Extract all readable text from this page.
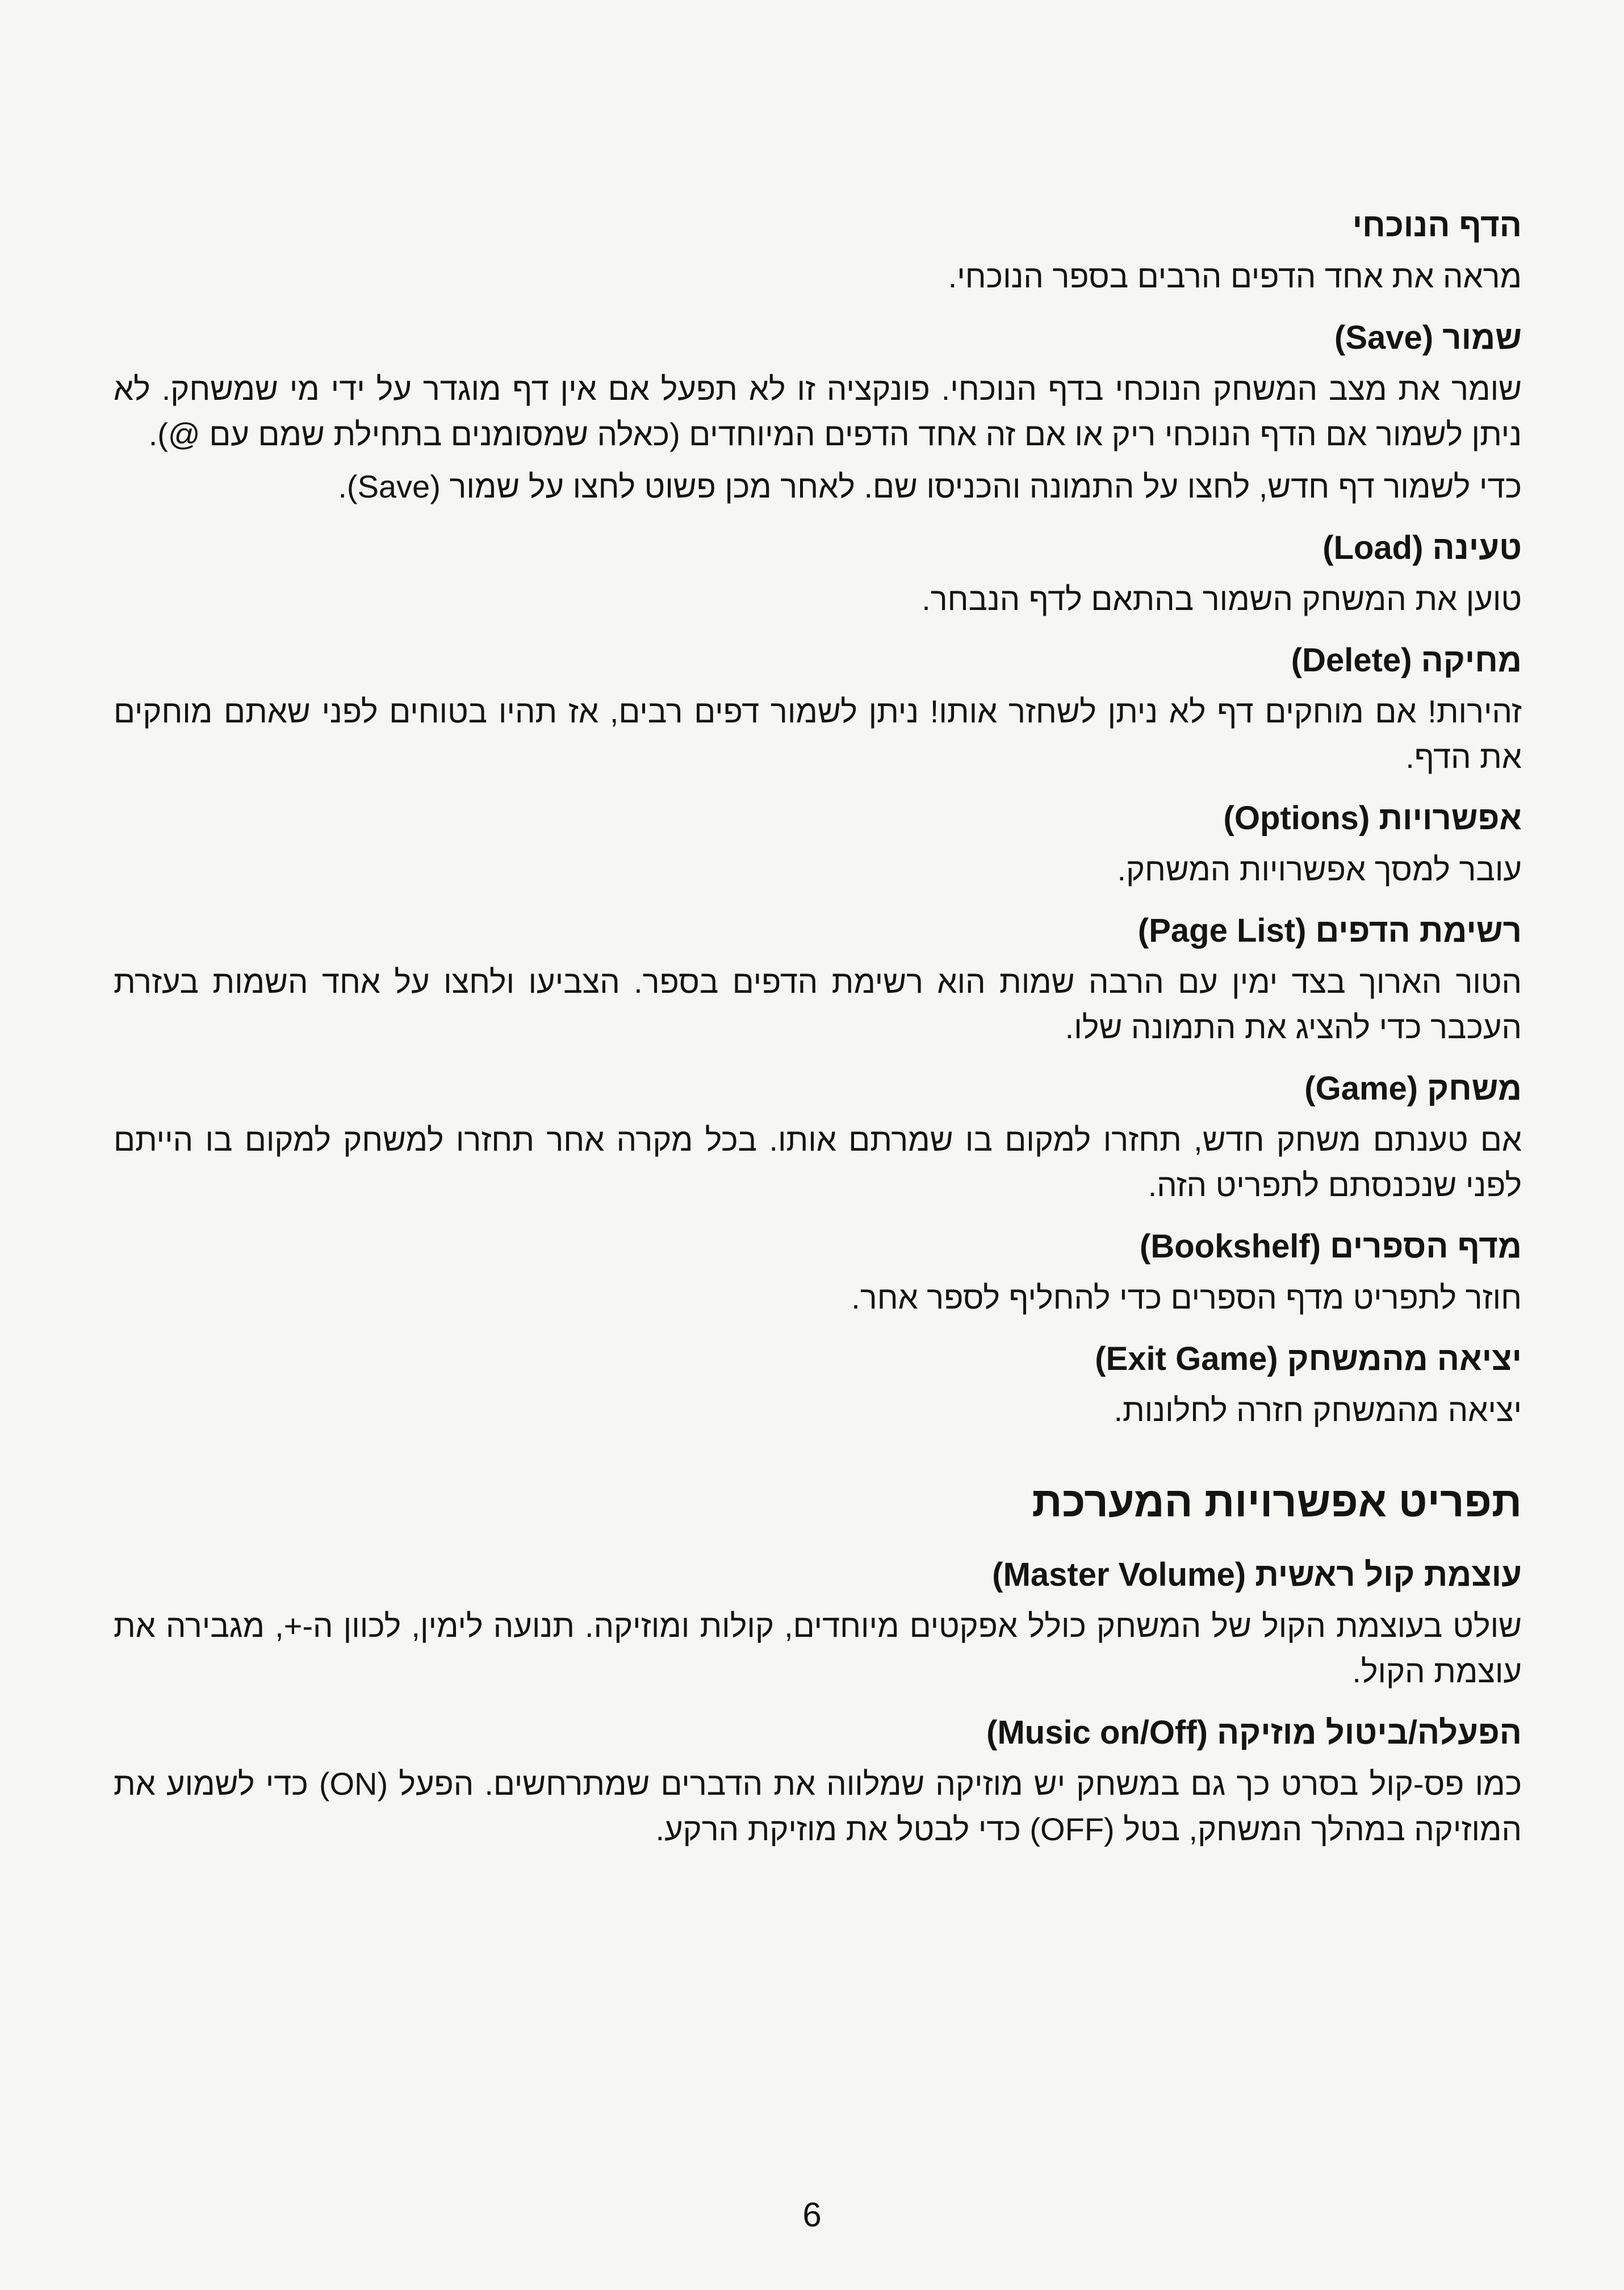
הדף הנוכחי
מראה את אחד הדפים הרבים בספר הנוכחי.
שמור (Save)
שומר את מצב המשחק הנוכחי בדף הנוכחי. פונקציה זו לא תפעל אם אין דף מוגדר על ידי מי שמשחק. לא ניתן לשמור אם הדף הנוכחי ריק או אם זה אחד הדפים המיוחדים (כאלה שמסומנים בתחילת שמם עם @).
כדי לשמור דף חדש, לחצו על התמונה והכניסו שם. לאחר מכן פשוט לחצו על שמור (Save).
טעינה (Load)
טוען את המשחק השמור בהתאם לדף הנבחר.
מחיקה (Delete)
זהירות! אם מוחקים דף לא ניתן לשחזר אותו! ניתן לשמור דפים רבים, אז תהיו בטוחים לפני שאתם מוחקים את הדף.
אפשרויות (Options)
עובר למסך אפשרויות המשחק.
רשימת הדפים (Page List)
הטור הארוך בצד ימין עם הרבה שמות הוא רשימת הדפים בספר. הצביעו ולחצו על אחד השמות בעזרת העכבר כדי להציג את התמונה שלו.
משחק (Game)
אם טענתם משחק חדש, תחזרו למקום בו שמרתם אותו. בכל מקרה אחר תחזרו למשחק למקום בו הייתם לפני שנכנסתם לתפריט הזה.
מדף הספרים (Bookshelf)
חוזר לתפריט מדף הספרים כדי להחליף לספר אחר.
יציאה מהמשחק (Exit Game)
יציאה מהמשחק חזרה לחלונות.
תפריט אפשרויות המערכת
עוצמת קול ראשית (Master Volume)
שולט בעוצמת הקול של המשחק כולל אפקטים מיוחדים, קולות ומוזיקה. תנועה לימין, לכוון ה-+, מגבירה את עוצמת הקול.
הפעלה/ביטול מוזיקה (Music on/Off)
כמו פס-קול בסרט כך גם במשחק יש מוזיקה שמלווה את הדברים שמתרחשים. הפעל (ON) כדי לשמוע את המוזיקה במהלך המשחק, בטל (OFF) כדי לבטל את מוזיקת הרקע.
6
